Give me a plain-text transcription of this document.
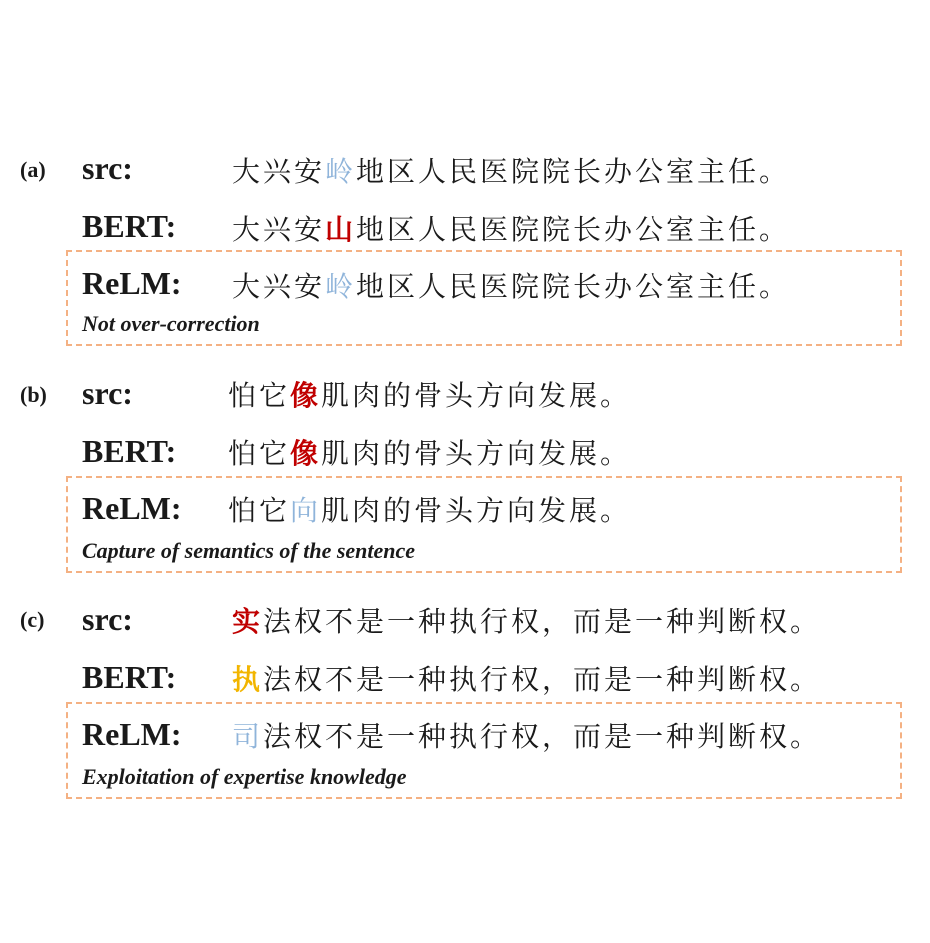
(a) src:	大兴安岭地区人民医院院长办公室主任。
BERT: 大兴安山地区人民医院院长办公室主任。
ReLM: 大兴安岭地区人民医院院长办公室主任。
Not over-correction
(b) src:	怕它像肌肉的骨头方向发展。
BERT: 怕它像肌肉的骨头方向发展。
ReLM: 怕它向肌肉的骨头方向发展。
Capture of semantics of the sentence
(c) src:	实法权不是一种执行权，而是一种判断权。
BERT: 执法权不是一种执行权，而是一种判断权。
ReLM: 司法权不是一种执行权，而是一种判断权。
Exploitation of expertise knowledge
